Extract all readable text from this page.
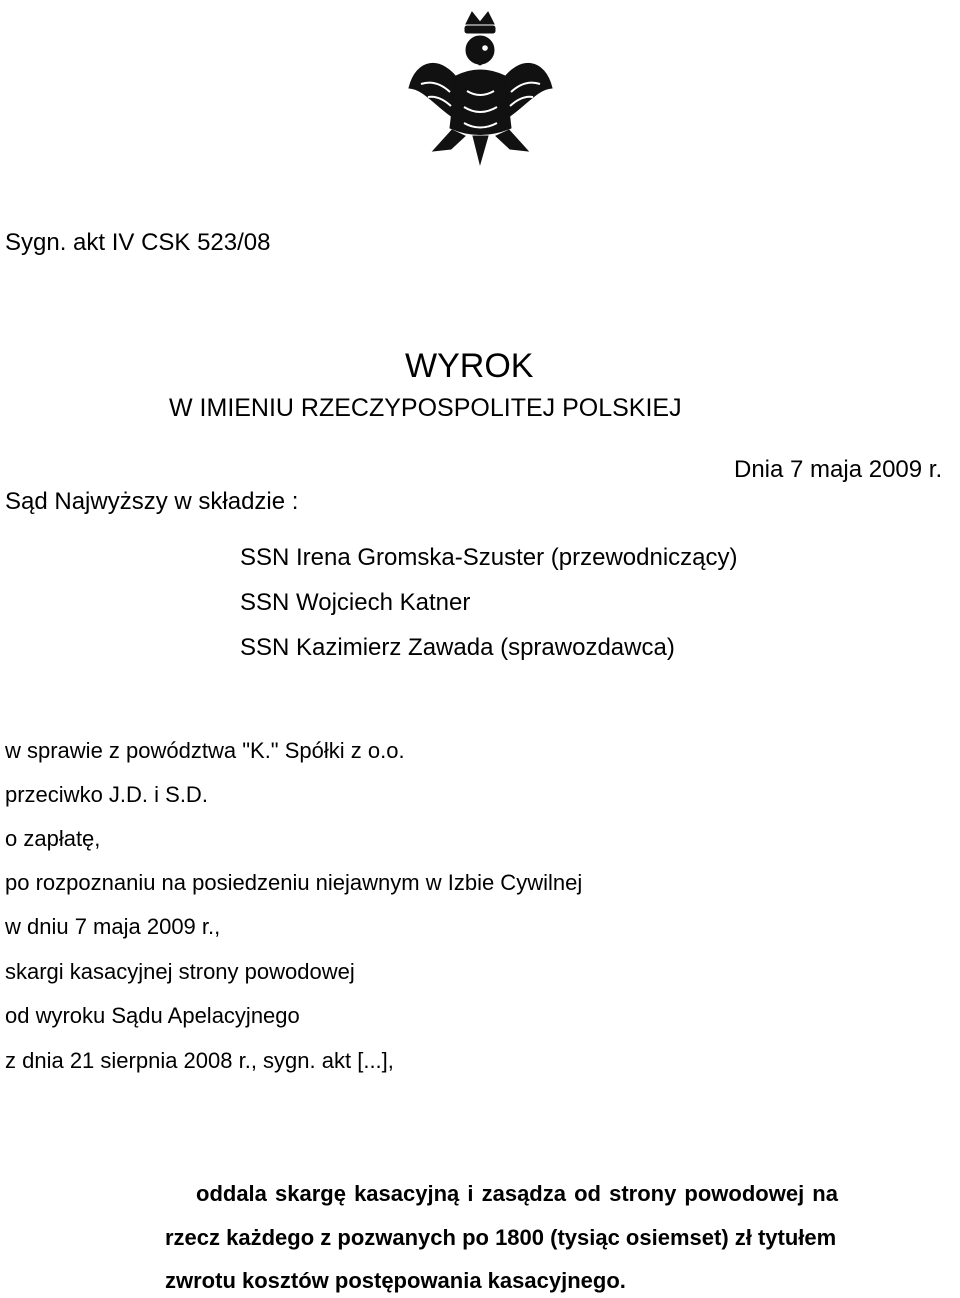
Sygn. akt IV CSK 523/08
WYROK
W IMIENIU RZECZYPOSPOLITEJ POLSKIEJ
Dnia 7 maja 2009 r.
Sąd Najwyższy w składzie :
SSN Irena Gromska-Szuster (przewodniczący)
SSN Wojciech Katner
SSN Kazimierz Zawada (sprawozdawca)
w sprawie z powództwa "K." Spółki z o.o.
przeciwko J.D. i S.D.
o zapłatę,
po rozpoznaniu na posiedzeniu niejawnym w Izbie Cywilnej
w dniu 7 maja 2009 r.,
skargi kasacyjnej strony powodowej
od wyroku Sądu Apelacyjnego
z dnia 21 sierpnia 2008 r., sygn. akt [...],
oddala skargę kasacyjną i zasądza od strony powodowej na
rzecz każdego z pozwanych po 1800 (tysiąc osiemset) zł tytułem
zwrotu kosztów postępowania kasacyjnego.
